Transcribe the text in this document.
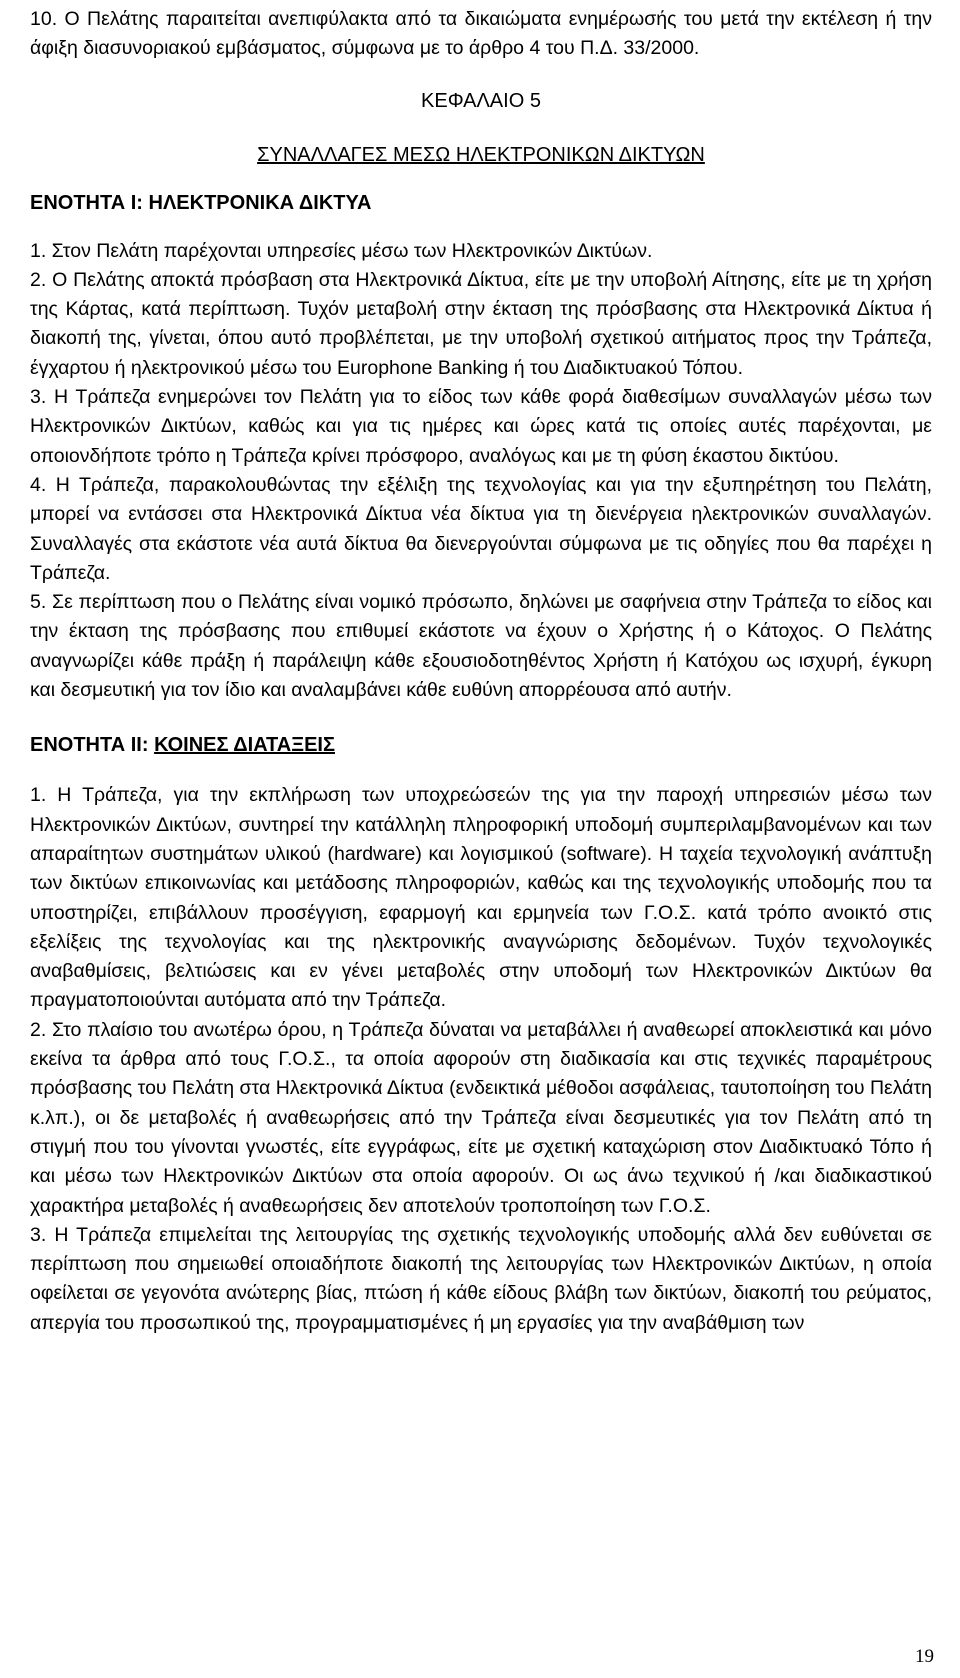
10. Ο Πελάτης παραιτείται ανεπιφύλακτα από τα δικαιώματα ενημέρωσής του μετά την εκτέλεση ή την άφιξη διασυνοριακού εμβάσματος, σύμφωνα με το άρθρο 4 του Π.Δ. 33/2000.

ΚΕΦΑΛΑΙΟ 5

ΣΥΝΑΛΛΑΓΕΣ ΜΕΣΩ ΗΛΕΚΤΡΟΝΙΚΩΝ ΔΙΚΤΥΩΝ

ΕΝΟΤΗΤΑ Ι: ΗΛΕΚΤΡΟΝΙΚΑ ΔΙΚΤΥΑ

1. Στον Πελάτη παρέχονται υπηρεσίες μέσω των Ηλεκτρονικών Δικτύων.

2. Ο Πελάτης αποκτά πρόσβαση στα Ηλεκτρονικά Δίκτυα, είτε με την υποβολή Αίτησης, είτε με τη χρήση της Κάρτας, κατά περίπτωση. Τυχόν μεταβολή στην έκταση της πρόσβασης στα Ηλεκτρονικά Δίκτυα ή διακοπή της, γίνεται, όπου αυτό προβλέπεται, με την υποβολή σχετικού αιτήματος προς την Τράπεζα, έγχαρτου ή ηλεκτρονικού μέσω του Europhone Banking ή του Διαδικτυακού Τόπου.

3. Η Τράπεζα ενημερώνει τον Πελάτη για το είδος των κάθε φορά διαθεσίμων συναλλαγών μέσω των Ηλεκτρονικών Δικτύων, καθώς και για τις ημέρες και ώρες κατά τις οποίες αυτές παρέχονται, με οποιονδήποτε τρόπο η Τράπεζα κρίνει πρόσφορο, αναλόγως και με τη φύση έκαστου δικτύου.

4. Η Τράπεζα, παρακολουθώντας την εξέλιξη της τεχνολογίας και για την εξυπηρέτηση του Πελάτη, μπορεί να εντάσσει στα Ηλεκτρονικά Δίκτυα νέα δίκτυα για τη διενέργεια ηλεκτρονικών συναλλαγών. Συναλλαγές στα εκάστοτε νέα αυτά δίκτυα θα διενεργούνται σύμφωνα με τις οδηγίες που θα παρέχει η Τράπεζα.

5. Σε περίπτωση που ο Πελάτης είναι νομικό πρόσωπο, δηλώνει με σαφήνεια στην Τράπεζα το είδος και την έκταση της πρόσβασης που επιθυμεί εκάστοτε να έχουν ο Χρήστης ή ο Κάτοχος. Ο Πελάτης αναγνωρίζει κάθε πράξη ή παράλειψη κάθε εξουσιοδοτηθέντος Χρήστη ή Κατόχου ως ισχυρή, έγκυρη και δεσμευτική για τον ίδιο και αναλαμβάνει κάθε ευθύνη απορρέουσα από αυτήν.

ΕΝΟΤΗΤΑ ΙΙ: ΚΟΙΝΕΣ ΔΙΑΤΑΞΕΙΣ

1. Η Τράπεζα, για την εκπλήρωση των υποχρεώσεών της για την παροχή υπηρεσιών μέσω των Ηλεκτρονικών Δικτύων, συντηρεί την κατάλληλη πληροφορική υποδομή συμπεριλαμβανομένων και των απαραίτητων συστημάτων υλικού (hardware) και λογισμικού (software). Η ταχεία τεχνολογική ανάπτυξη των δικτύων επικοινωνίας και μετάδοσης πληροφοριών, καθώς και της τεχνολογικής υποδομής που τα υποστηρίζει, επιβάλλουν προσέγγιση, εφαρμογή και ερμηνεία των Γ.Ο.Σ. κατά τρόπο ανοικτό στις εξελίξεις της τεχνολογίας και της ηλεκτρονικής αναγνώρισης δεδομένων. Τυχόν τεχνολογικές αναβαθμίσεις, βελτιώσεις και εν γένει μεταβολές στην υποδομή των Ηλεκτρονικών Δικτύων θα πραγματοποιούνται αυτόματα από την Τράπεζα.

2. Στο πλαίσιο του ανωτέρω όρου, η Τράπεζα δύναται να μεταβάλλει ή αναθεωρεί αποκλειστικά και μόνο εκείνα τα άρθρα από τους Γ.Ο.Σ., τα οποία αφορούν στη διαδικασία και στις τεχνικές παραμέτρους πρόσβασης του Πελάτη στα Ηλεκτρονικά Δίκτυα (ενδεικτικά μέθοδοι ασφάλειας, ταυτοποίηση του Πελάτη κ.λπ.), οι δε μεταβολές ή αναθεωρήσεις από την Τράπεζα είναι δεσμευτικές για τον Πελάτη από τη στιγμή που του γίνονται γνωστές, είτε εγγράφως, είτε με σχετική καταχώριση στον Διαδικτυακό Τόπο ή και μέσω των Ηλεκτρονικών Δικτύων στα οποία αφορούν. Οι ως άνω τεχνικού ή /και διαδικαστικού χαρακτήρα μεταβολές ή αναθεωρήσεις δεν αποτελούν τροποποίηση των Γ.Ο.Σ.

3. Η Τράπεζα επιμελείται της λειτουργίας της σχετικής τεχνολογικής υποδομής αλλά δεν ευθύνεται σε περίπτωση που σημειωθεί οποιαδήποτε διακοπή της λειτουργίας των Ηλεκτρονικών Δικτύων, η οποία οφείλεται σε γεγονότα ανώτερης βίας, πτώση ή κάθε είδους βλάβη των δικτύων, διακοπή του ρεύματος, απεργία του προσωπικού της, προγραμματισμένες ή μη εργασίες για την αναβάθμιση των

19
